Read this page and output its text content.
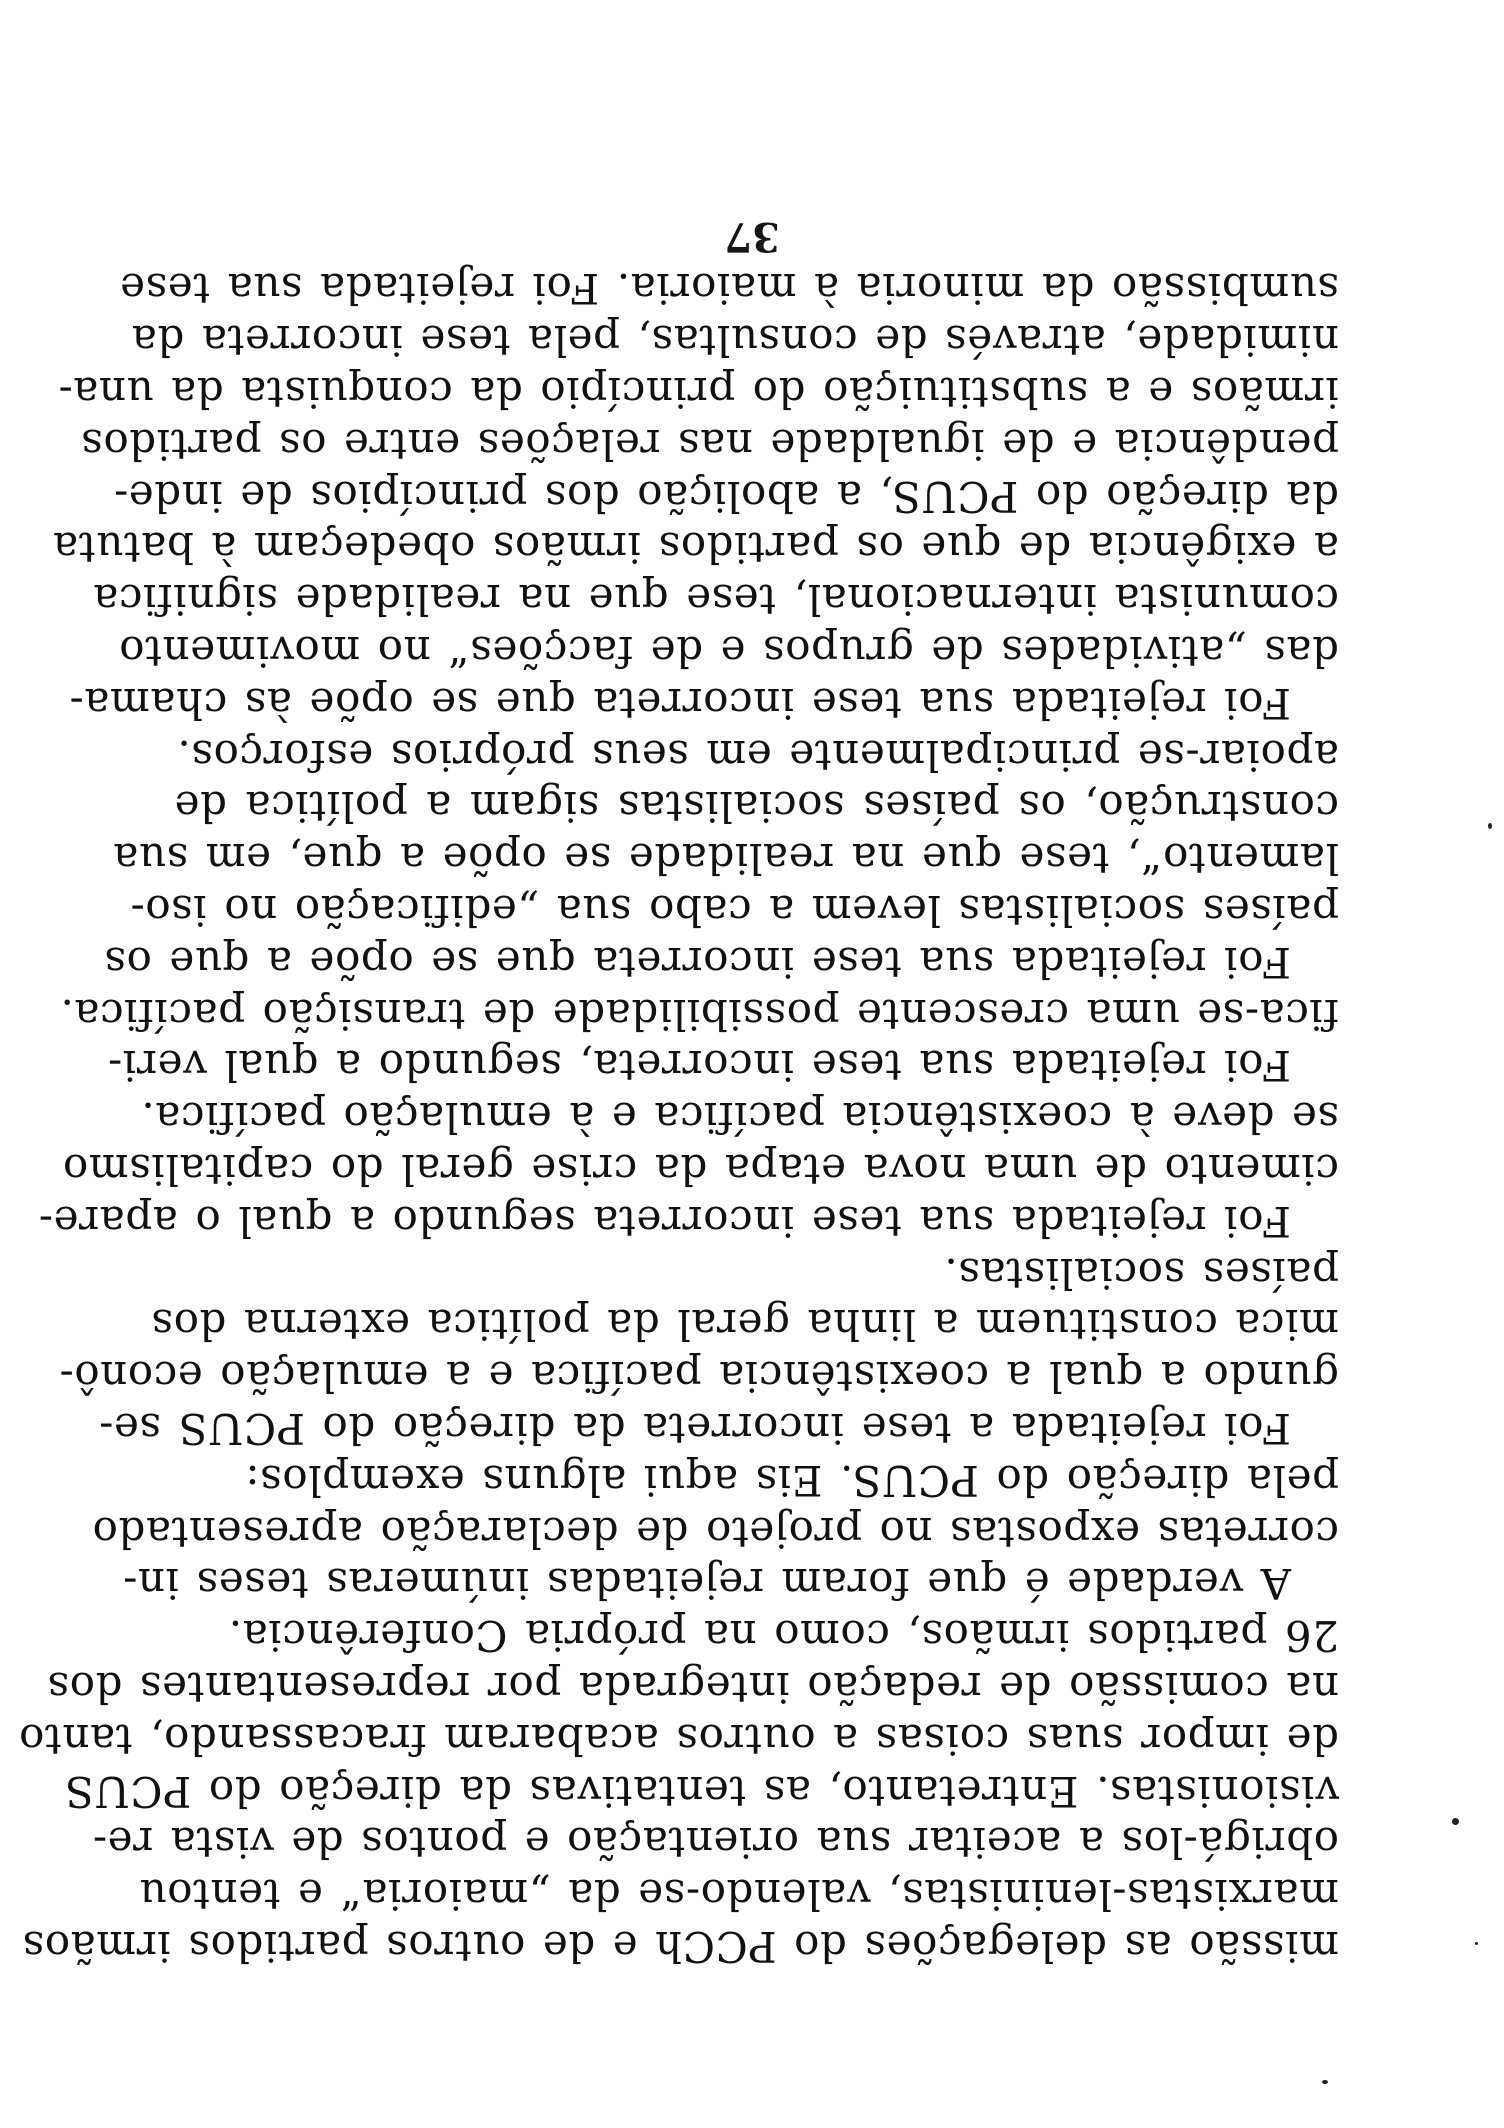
missão as delegações do PCCh e de outros partidos irmãos
marxistas-leninistas, valendo-se da „maioria“ e tentou
obrigá-los a aceitar sua orientação e pontos de vista re-
visionistas. Entretanto, as tentativas da direção do PCUS
de impor suas coisas a outros acabaram fracassando, tanto
na comissão de redação integrada por representantes dos
26 partidos irmãos, como na própria Conferência.
A verdade é que foram rejeitadas inúmeras teses in-
corretas expostas no projeto de declaração apresentado
pela direção do PCUS. Eis aqui alguns exemplos:
Foi rejeitada a tese incorreta da direção do PCUS se-
gundo a qual a coexistência pacífica e a emulação econô-
mica constituem a linha geral da política externa dos
países socialistas.
Foi rejeitada sua tese incorreta segundo a qual o apare-
cimento de uma nova etapa da crise geral do capitalismo
se deve à coexistência pacífica e à emulação pacífica.
Foi rejeitada sua tese incorreta, segundo a qual veri-
fica-se uma crescente possibilidade de transição pacífica.
Foi rejeitada sua tese incorreta que se opõe a que os
países socialistas levem a cabo sua „edificação no iso-
lamento“, tese que na realidade se opõe a que, em sua
construção, os países socialistas sigam a política de
apoiar-se principalmente em seus próprios esforços.
Foi rejeitada sua tese incorreta que se opõe às chama-
das „atividades de grupos e de facções“ no movimento
comunista internacional, tese que na realidade significa
a exigência de que os partidos irmãos obedeçam à batuta
da direção do PCUS, a abolição dos princípios de inde-
pendência e de igualdade nas relações entre os partidos
irmãos e a substituição do princípio da conquista da una-
nimidade, através de consultas, pela tese incorreta da
sumbissão da minoria à maioria. Foi rejeitada sua tese
37
